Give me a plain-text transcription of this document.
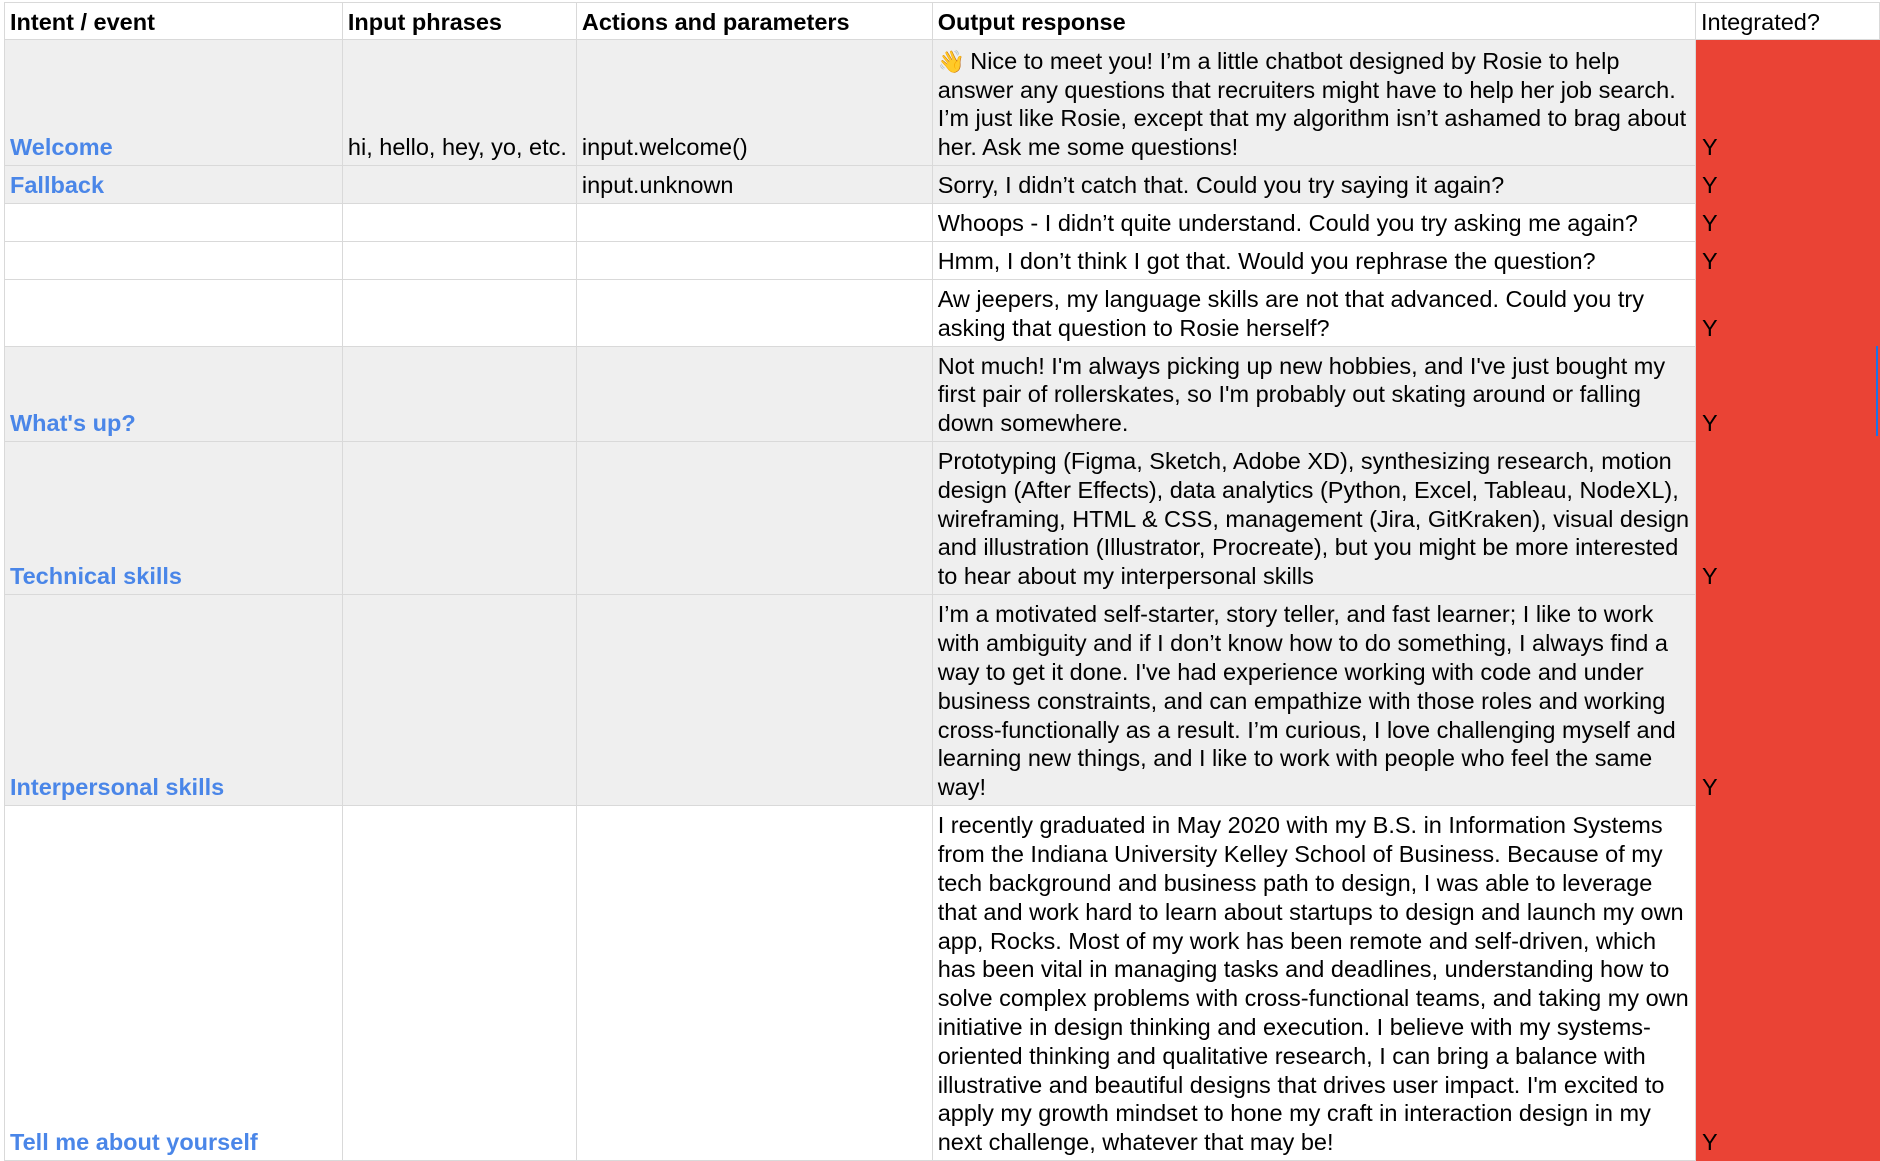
Intent / event	Input phrases	Actions and parameters	Output response	Integrated?
Welcome	hi, hello, hey, yo, etc.	input.welcome()	👋 Nice to meet you! I’m a little chatbot designed by Rosie to help answer any questions that recruiters might have to help her job search. I’m just like Rosie, except that my algorithm isn’t ashamed to brag about her. Ask me some questions!	Y
Fallback		input.unknown	Sorry, I didn’t catch that. Could you try saying it again?	Y
			Whoops - I didn’t quite understand. Could you try asking me again?	Y
			Hmm, I don’t think I got that. Would you rephrase the question?	Y
			Aw jeepers, my language skills are not that advanced. Could you try asking that question to Rosie herself?	Y
What's up?			Not much! I'm always picking up new hobbies, and I've just bought my first pair of rollerskates, so I'm probably out skating around or falling down somewhere.	Y
Technical skills			Prototyping (Figma, Sketch, Adobe XD), synthesizing research, motion design (After Effects), data analytics (Python, Excel, Tableau, NodeXL), wireframing, HTML & CSS, management (Jira, GitKraken), visual design and illustration (Illustrator, Procreate), but you might be more interested to hear about my interpersonal skills	Y
Interpersonal skills			I’m a motivated self-starter, story teller, and fast learner; I like to work with ambiguity and if I don’t know how to do something, I always find a way to get it done. I've had experience working with code and under business constraints, and can empathize with those roles and working cross-functionally as a result. I’m curious, I love challenging myself and learning new things, and I like to work with people who feel the same way!	Y
Tell me about yourself			I recently graduated in May 2020 with my B.S. in Information Systems from the Indiana University Kelley School of Business. Because of my tech background and business path to design, I was able to leverage that and work hard to learn about startups to design and launch my own app, Rocks. Most of my work has been remote and self-driven, which has been vital in managing tasks and deadlines, understanding how to solve complex problems with cross-functional teams, and taking my own initiative in design thinking and execution. I believe with my systems-oriented thinking and qualitative research, I can bring a balance with illustrative and beautiful designs that drives user impact. I'm excited to apply my growth mindset to hone my craft in interaction design in my next challenge, whatever that may be!	Y
